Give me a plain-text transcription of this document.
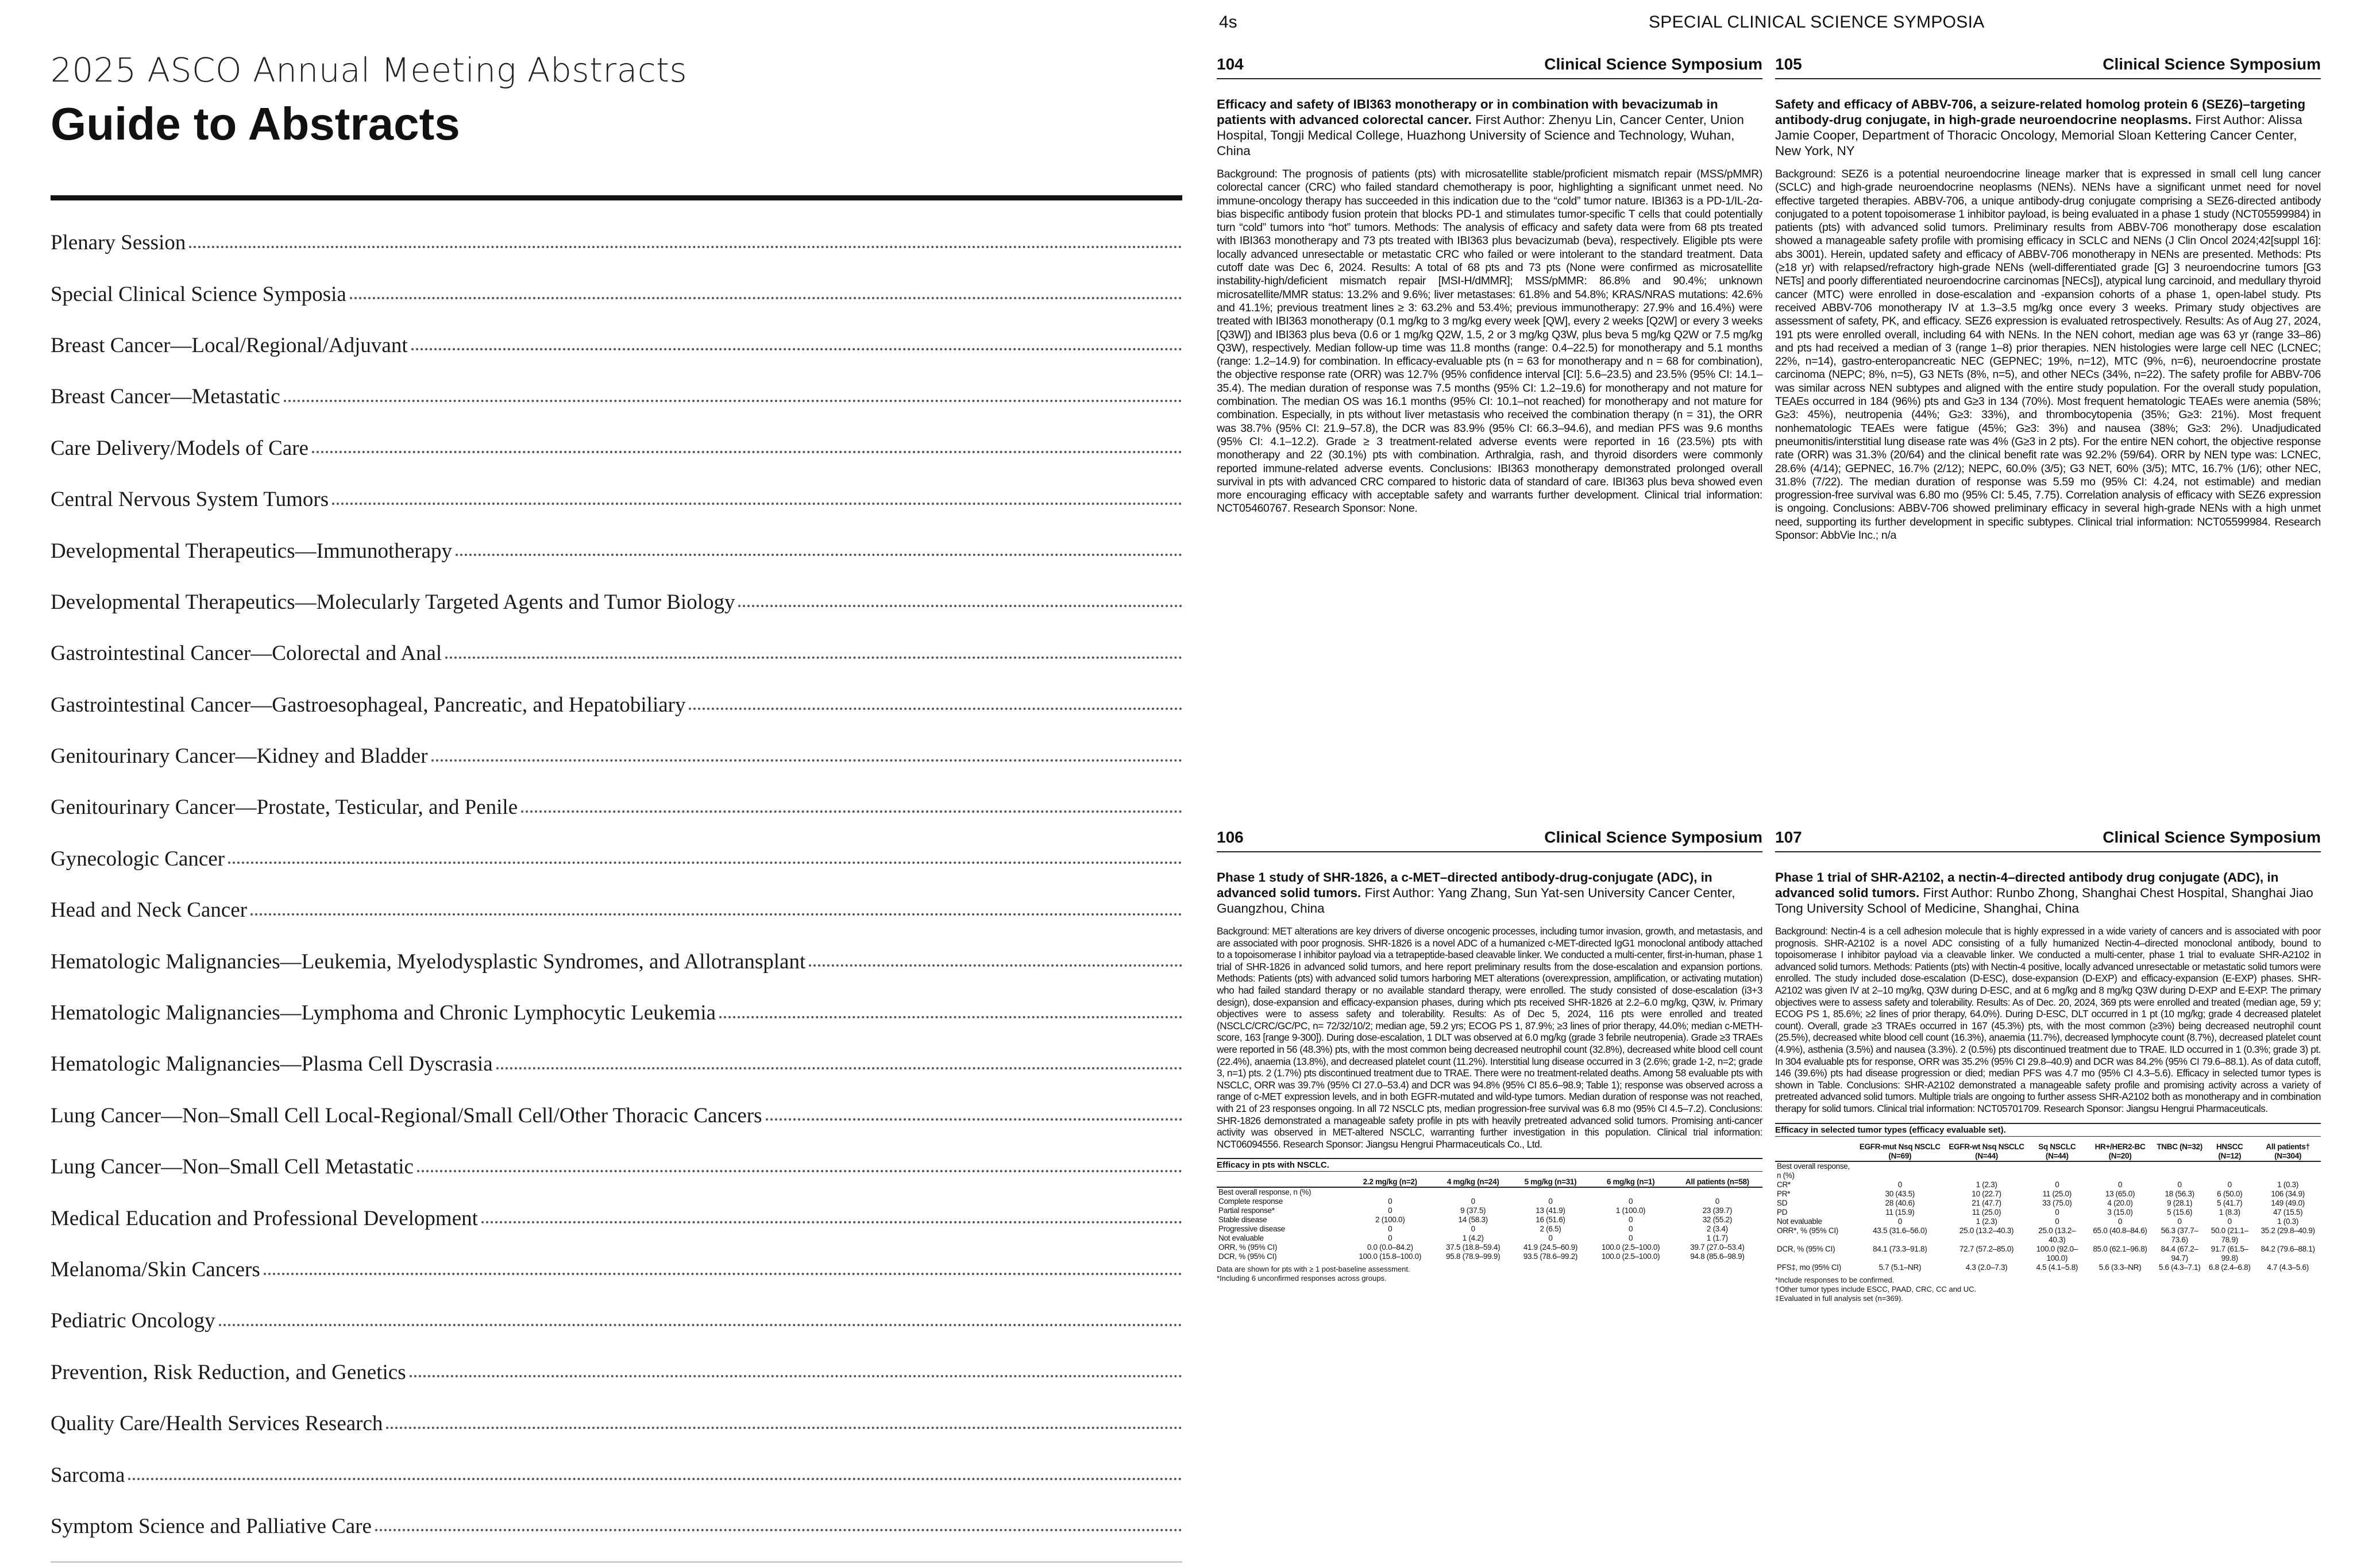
2025 ASCO Annual Meeting Abstracts
Guide to Abstracts
Plenary Session
Special Clinical Science Symposia
Breast Cancer—Local/Regional/Adjuvant
Breast Cancer—Metastatic
Care Delivery/Models of Care
Central Nervous System Tumors
Developmental Therapeutics—Immunotherapy
Developmental Therapeutics—Molecularly Targeted Agents and Tumor Biology
Gastrointestinal Cancer—Colorectal and Anal
Gastrointestinal Cancer—Gastroesophageal, Pancreatic, and Hepatobiliary
Genitourinary Cancer—Kidney and Bladder
Genitourinary Cancer—Prostate, Testicular, and Penile
Gynecologic Cancer
Head and Neck Cancer
Hematologic Malignancies—Leukemia, Myelodysplastic Syndromes, and Allotransplant
Hematologic Malignancies—Lymphoma and Chronic Lymphocytic Leukemia
Hematologic Malignancies—Plasma Cell Dyscrasia
Lung Cancer—Non–Small Cell Local-Regional/Small Cell/Other Thoracic Cancers
Lung Cancer—Non–Small Cell Metastatic
Medical Education and Professional Development
Melanoma/Skin Cancers
Pediatric Oncology
Prevention, Risk Reduction, and Genetics
Quality Care/Health Services Research
Sarcoma
Symptom Science and Palliative Care
4s	SPECIAL CLINICAL SCIENCE SYMPOSIA
104	Clinical Science Symposium
Efficacy and safety of IBI363 monotherapy or in combination with bevacizumab in patients with advanced colorectal cancer. First Author: Zhenyu Lin, Cancer Center, Union Hospital, Tongji Medical College, Huazhong University of Science and Technology, Wuhan, China
Background: The prognosis of patients (pts) with microsatellite stable/proficient mismatch repair (MSS/pMMR) colorectal cancer (CRC) who failed standard chemotherapy is poor, highlighting a significant unmet need. No immune-oncology therapy has succeeded in this indication due to the “cold” tumor nature. IBI363 is a PD-1/IL-2α-bias bispecific antibody fusion protein that blocks PD-1 and stimulates tumor-specific T cells that could potentially turn “cold” tumors into “hot” tumors. Methods: The analysis of efficacy and safety data were from 68 pts treated with IBI363 monotherapy and 73 pts treated with IBI363 plus bevacizumab (beva), respectively. Eligible pts were locally advanced unresectable or metastatic CRC who failed or were intolerant to the standard treatment. Data cutoff date was Dec 6, 2024. Results: A total of 68 pts and 73 pts (None were confirmed as microsatellite instability-high/deficient mismatch repair [MSI-H/dMMR]; MSS/pMMR: 86.8% and 90.4%; unknown microsatellite/MMR status: 13.2% and 9.6%; liver metastases: 61.8% and 54.8%; KRAS/NRAS mutations: 42.6% and 41.1%; previous treatment lines ≥ 3: 63.2% and 53.4%; previous immunotherapy: 27.9% and 16.4%) were treated with IBI363 monotherapy (0.1 mg/kg to 3 mg/kg every week [QW], every 2 weeks [Q2W] or every 3 weeks [Q3W]) and IBI363 plus beva (0.6 or 1 mg/kg Q2W, 1.5, 2 or 3 mg/kg Q3W, plus beva 5 mg/kg Q2W or 7.5 mg/kg Q3W), respectively. Median follow-up time was 11.8 months (range: 0.4–22.5) for monotherapy and 5.1 months (range: 1.2–14.9) for combination. In efficacy-evaluable pts (n = 63 for monotherapy and n = 68 for combination), the objective response rate (ORR) was 12.7% (95% confidence interval [CI]: 5.6–23.5) and 23.5% (95% CI: 14.1–35.4). The median duration of response was 7.5 months (95% CI: 1.2–19.6) for monotherapy and not mature for combination. The median OS was 16.1 months (95% CI: 10.1–not reached) for monotherapy and not mature for combination. Especially, in pts without liver metastasis who received the combination therapy (n = 31), the ORR was 38.7% (95% CI: 21.9–57.8), the DCR was 83.9% (95% CI: 66.3–94.6), and median PFS was 9.6 months (95% CI: 4.1–12.2). Grade ≥ 3 treatment-related adverse events were reported in 16 (23.5%) pts with monotherapy and 22 (30.1%) pts with combination. Arthralgia, rash, and thyroid disorders were commonly reported immune-related adverse events. Conclusions: IBI363 monotherapy demonstrated prolonged overall survival in pts with advanced CRC compared to historic data of standard of care. IBI363 plus beva showed even more encouraging efficacy with acceptable safety and warrants further development. Clinical trial information: NCT05460767. Research Sponsor: None.
105	Clinical Science Symposium
Safety and efficacy of ABBV-706, a seizure-related homolog protein 6 (SEZ6)–targeting antibody-drug conjugate, in high-grade neuroendocrine neoplasms. First Author: Alissa Jamie Cooper, Department of Thoracic Oncology, Memorial Sloan Kettering Cancer Center, New York, NY
Background: SEZ6 is a potential neuroendocrine lineage marker that is expressed in small cell lung cancer (SCLC) and high-grade neuroendocrine neoplasms (NENs). NENs have a significant unmet need for novel effective targeted therapies. ABBV-706, a unique antibody-drug conjugate comprising a SEZ6-directed antibody conjugated to a potent topoisomerase 1 inhibitor payload, is being evaluated in a phase 1 study (NCT05599984) in patients (pts) with advanced solid tumors. Preliminary results from ABBV-706 monotherapy dose escalation showed a manageable safety profile with promising efficacy in SCLC and NENs (J Clin Oncol 2024;42[suppl 16]: abs 3001). Herein, updated safety and efficacy of ABBV-706 monotherapy in NENs are presented. Methods: Pts (≥18 yr) with relapsed/refractory high-grade NENs (well-differentiated grade [G] 3 neuroendocrine tumors [G3 NETs] and poorly differentiated neuroendocrine carcinomas [NECs]), atypical lung carcinoid, and medullary thyroid cancer (MTC) were enrolled in dose-escalation and -expansion cohorts of a phase 1, open-label study. Pts received ABBV-706 monotherapy IV at 1.3–3.5 mg/kg once every 3 weeks. Primary study objectives are assessment of safety, PK, and efficacy. SEZ6 expression is evaluated retrospectively. Results: As of Aug 27, 2024, 191 pts were enrolled overall, including 64 with NENs. In the NEN cohort, median age was 63 yr (range 33–86) and pts had received a median of 3 (range 1–8) prior therapies. NEN histologies were large cell NEC (LCNEC; 22%, n=14), gastro-enteropancreatic NEC (GEPNEC; 19%, n=12), MTC (9%, n=6), neuroendocrine prostate carcinoma (NEPC; 8%, n=5), G3 NETs (8%, n=5), and other NECs (34%, n=22). The safety profile for ABBV-706 was similar across NEN subtypes and aligned with the entire study population. For the overall study population, TEAEs occurred in 184 (96%) pts and G≥3 in 134 (70%). Most frequent hematologic TEAEs were anemia (58%; G≥3: 45%), neutropenia (44%; G≥3: 33%), and thrombocytopenia (35%; G≥3: 21%). Most frequent nonhematologic TEAEs were fatigue (45%; G≥3: 3%) and nausea (38%; G≥3: 2%). Unadjudicated pneumonitis/interstitial lung disease rate was 4% (G≥3 in 2 pts). For the entire NEN cohort, the objective response rate (ORR) was 31.3% (20/64) and the clinical benefit rate was 92.2% (59/64). ORR by NEN type was: LCNEC, 28.6% (4/14); GEPNEC, 16.7% (2/12); NEPC, 60.0% (3/5); G3 NET, 60% (3/5); MTC, 16.7% (1/6); other NEC, 31.8% (7/22). The median duration of response was 5.59 mo (95% CI: 4.24, not estimable) and median progression-free survival was 6.80 mo (95% CI: 5.45, 7.75). Correlation analysis of efficacy with SEZ6 expression is ongoing. Conclusions: ABBV-706 showed preliminary efficacy in several high-grade NENs with a high unmet need, supporting its further development in specific subtypes. Clinical trial information: NCT05599984. Research Sponsor: AbbVie Inc.; n/a
106	Clinical Science Symposium
Phase 1 study of SHR-1826, a c-MET–directed antibody-drug-conjugate (ADC), in advanced solid tumors. First Author: Yang Zhang, Sun Yat-sen University Cancer Center, Guangzhou, China
Background: MET alterations are key drivers of diverse oncogenic processes, including tumor invasion, growth, and metastasis, and are associated with poor prognosis. SHR-1826 is a novel ADC of a humanized c-MET-directed IgG1 monoclonal antibody attached to a topoisomerase I inhibitor payload via a tetrapeptide-based cleavable linker. We conducted a multi-center, first-in-human, phase 1 trial of SHR-1826 in advanced solid tumors, and here report preliminary results from the dose-escalation and expansion portions. Methods: Patients (pts) with advanced solid tumors harboring MET alterations (overexpression, amplification, or activating mutation) who had failed standard therapy or no available standard therapy, were enrolled. The study consisted of dose-escalation (i3+3 design), dose-expansion and efficacy-expansion phases, during which pts received SHR-1826 at 2.2–6.0 mg/kg, Q3W, iv. Primary objectives were to assess safety and tolerability. Results: As of Dec 5, 2024, 116 pts were enrolled and treated (NSCLC/CRC/GC/PC, n= 72/32/10/2; median age, 59.2 yrs; ECOG PS 1, 87.9%; ≥3 lines of prior therapy, 44.0%; median c-METH-score, 163 [range 9-300]). During dose-escalation, 1 DLT was observed at 6.0 mg/kg (grade 3 febrile neutropenia). Grade ≥3 TRAEs were reported in 56 (48.3%) pts, with the most common being decreased neutrophil count (32.8%), decreased white blood cell count (22.4%), anaemia (13.8%), and decreased platelet count (11.2%). Interstitial lung disease occurred in 3 (2.6%; grade 1-2, n=2; grade 3, n=1) pts. 2 (1.7%) pts discontinued treatment due to TRAE. There were no treatment-related deaths. Among 58 evaluable pts with NSCLC, ORR was 39.7% (95% CI 27.0–53.4) and DCR was 94.8% (95% CI 85.6–98.9; Table 1); response was observed across a range of c-MET expression levels, and in both EGFR-mutated and wild-type tumors. Median duration of response was not reached, with 21 of 23 responses ongoing. In all 72 NSCLC pts, median progression-free survival was 6.8 mo (95% CI 4.5–7.2). Conclusions: SHR-1826 demonstrated a manageable safety profile in pts with heavily pretreated advanced solid tumors. Promising anti-cancer activity was observed in MET-altered NSCLC, warranting further investigation in this population. Clinical trial information: NCT06094556. Research Sponsor: Jiangsu Hengrui Pharmaceuticals Co., Ltd.
Efficacy in pts with NSCLC.
	2.2 mg/kg (n=2)	4 mg/kg (n=24)	5 mg/kg (n=31)	6 mg/kg (n=1)	All patients (n=58)
Best overall response, n (%)					
Complete response	0	0	0	0	0
Partial response*	0	9 (37.5)	13 (41.9)	1 (100.0)	23 (39.7)
Stable disease	2 (100.0)	14 (58.3)	16 (51.6)	0	32 (55.2)
Progressive disease	0	0	2 (6.5)	0	2 (3.4)
Not evaluable	0	1 (4.2)	0	0	1 (1.7)
ORR, % (95% CI)	0.0 (0.0–84.2)	37.5 (18.8–59.4)	41.9 (24.5–60.9)	100.0 (2.5–100.0)	39.7 (27.0–53.4)
DCR, % (95% CI)	100.0 (15.8–100.0)	95.8 (78.9–99.9)	93.5 (78.6–99.2)	100.0 (2.5–100.0)	94.8 (85.6–98.9)
Data are shown for pts with ≥ 1 post-baseline assessment.
*Including 6 unconfirmed responses across groups.
107	Clinical Science Symposium
Phase 1 trial of SHR-A2102, a nectin-4–directed antibody drug conjugate (ADC), in advanced solid tumors. First Author: Runbo Zhong, Shanghai Chest Hospital, Shanghai Jiao Tong University School of Medicine, Shanghai, China
Background: Nectin-4 is a cell adhesion molecule that is highly expressed in a wide variety of cancers and is associated with poor prognosis. SHR-A2102 is a novel ADC consisting of a fully humanized Nectin-4–directed monoclonal antibody, bound to topoisomerase I inhibitor payload via a cleavable linker. We conducted a multi-center, phase 1 trial to evaluate SHR-A2102 in advanced solid tumors. Methods: Patients (pts) with Nectin-4 positive, locally advanced unresectable or metastatic solid tumors were enrolled. The study included dose-escalation (D-ESC), dose-expansion (D-EXP) and efficacy-expansion (E-EXP) phases. SHR-A2102 was given IV at 2–10 mg/kg, Q3W during D-ESC, and at 6 mg/kg and 8 mg/kg Q3W during D-EXP and E-EXP. The primary objectives were to assess safety and tolerability. Results: As of Dec. 20, 2024, 369 pts were enrolled and treated (median age, 59 y; ECOG PS 1, 85.6%; ≥2 lines of prior therapy, 64.0%). During D-ESC, DLT occurred in 1 pt (10 mg/kg; grade 4 decreased platelet count). Overall, grade ≥3 TRAEs occurred in 167 (45.3%) pts, with the most common (≥3%) being decreased neutrophil count (25.5%), decreased white blood cell count (16.3%), anaemia (11.7%), decreased lymphocyte count (8.7%), decreased platelet count (4.9%), asthenia (3.5%) and nausea (3.3%). 2 (0.5%) pts discontinued treatment due to TRAE. ILD occurred in 1 (0.3%; grade 3) pt. In 304 evaluable pts for response, ORR was 35.2% (95% CI 29.8–40.9) and DCR was 84.2% (95% CI 79.6–88.1). As of data cutoff, 146 (39.6%) pts had disease progression or died; median PFS was 4.7 mo (95% CI 4.3–5.6). Efficacy in selected tumor types is shown in Table. Conclusions: SHR-A2102 demonstrated a manageable safety profile and promising activity across a variety of pretreated advanced solid tumors. Multiple trials are ongoing to further assess SHR-A2102 both as monotherapy and in combination therapy for solid tumors. Clinical trial information: NCT05701709. Research Sponsor: Jiangsu Hengrui Pharmaceuticals.
Efficacy in selected tumor types (efficacy evaluable set).
	EGFR-mut Nsq NSCLC (N=69)	EGFR-wt Nsq NSCLC (N=44)	Sq NSCLC (N=44)	HR+/HER2-BC (N=20)	TNBC (N=32)	HNSCC (N=12)	All patients† (N=304)
Best overall response, n (%)							
CR*	0	1 (2.3)	0	0	0	0	1 (0.3)
PR*	30 (43.5)	10 (22.7)	11 (25.0)	13 (65.0)	18 (56.3)	6 (50.0)	106 (34.9)
SD	28 (40.6)	21 (47.7)	33 (75.0)	4 (20.0)	9 (28.1)	5 (41.7)	149 (49.0)
PD	11 (15.9)	11 (25.0)	0	3 (15.0)	5 (15.6)	1 (8.3)	47 (15.5)
Not evaluable	0	1 (2.3)	0	0	0	0	1 (0.3)
ORR*, % (95% CI)	43.5 (31.6–56.0)	25.0 (13.2–40.3)	25.0 (13.2–40.3)	65.0 (40.8–84.6)	56.3 (37.7–73.6)	50.0 (21.1–78.9)	35.2 (29.8–40.9)
DCR, % (95% CI)	84.1 (73.3–91.8)	72.7 (57.2–85.0)	100.0 (92.0–100.0)	85.0 (62.1–96.8)	84.4 (67.2–94.7)	91.7 (61.5–99.8)	84.2 (79.6–88.1)
PFS‡, mo (95% CI)	5.7 (5.1–NR)	4.3 (2.0–7.3)	4.5 (4.1–5.8)	5.6 (3.3–NR)	5.6 (4.3–7.1)	6.8 (2.4–6.8)	4.7 (4.3–5.6)
*Include responses to be confirmed.
†Other tumor types include ESCC, PAAD, CRC, CC and UC.
‡Evaluated in full analysis set (n=369).
